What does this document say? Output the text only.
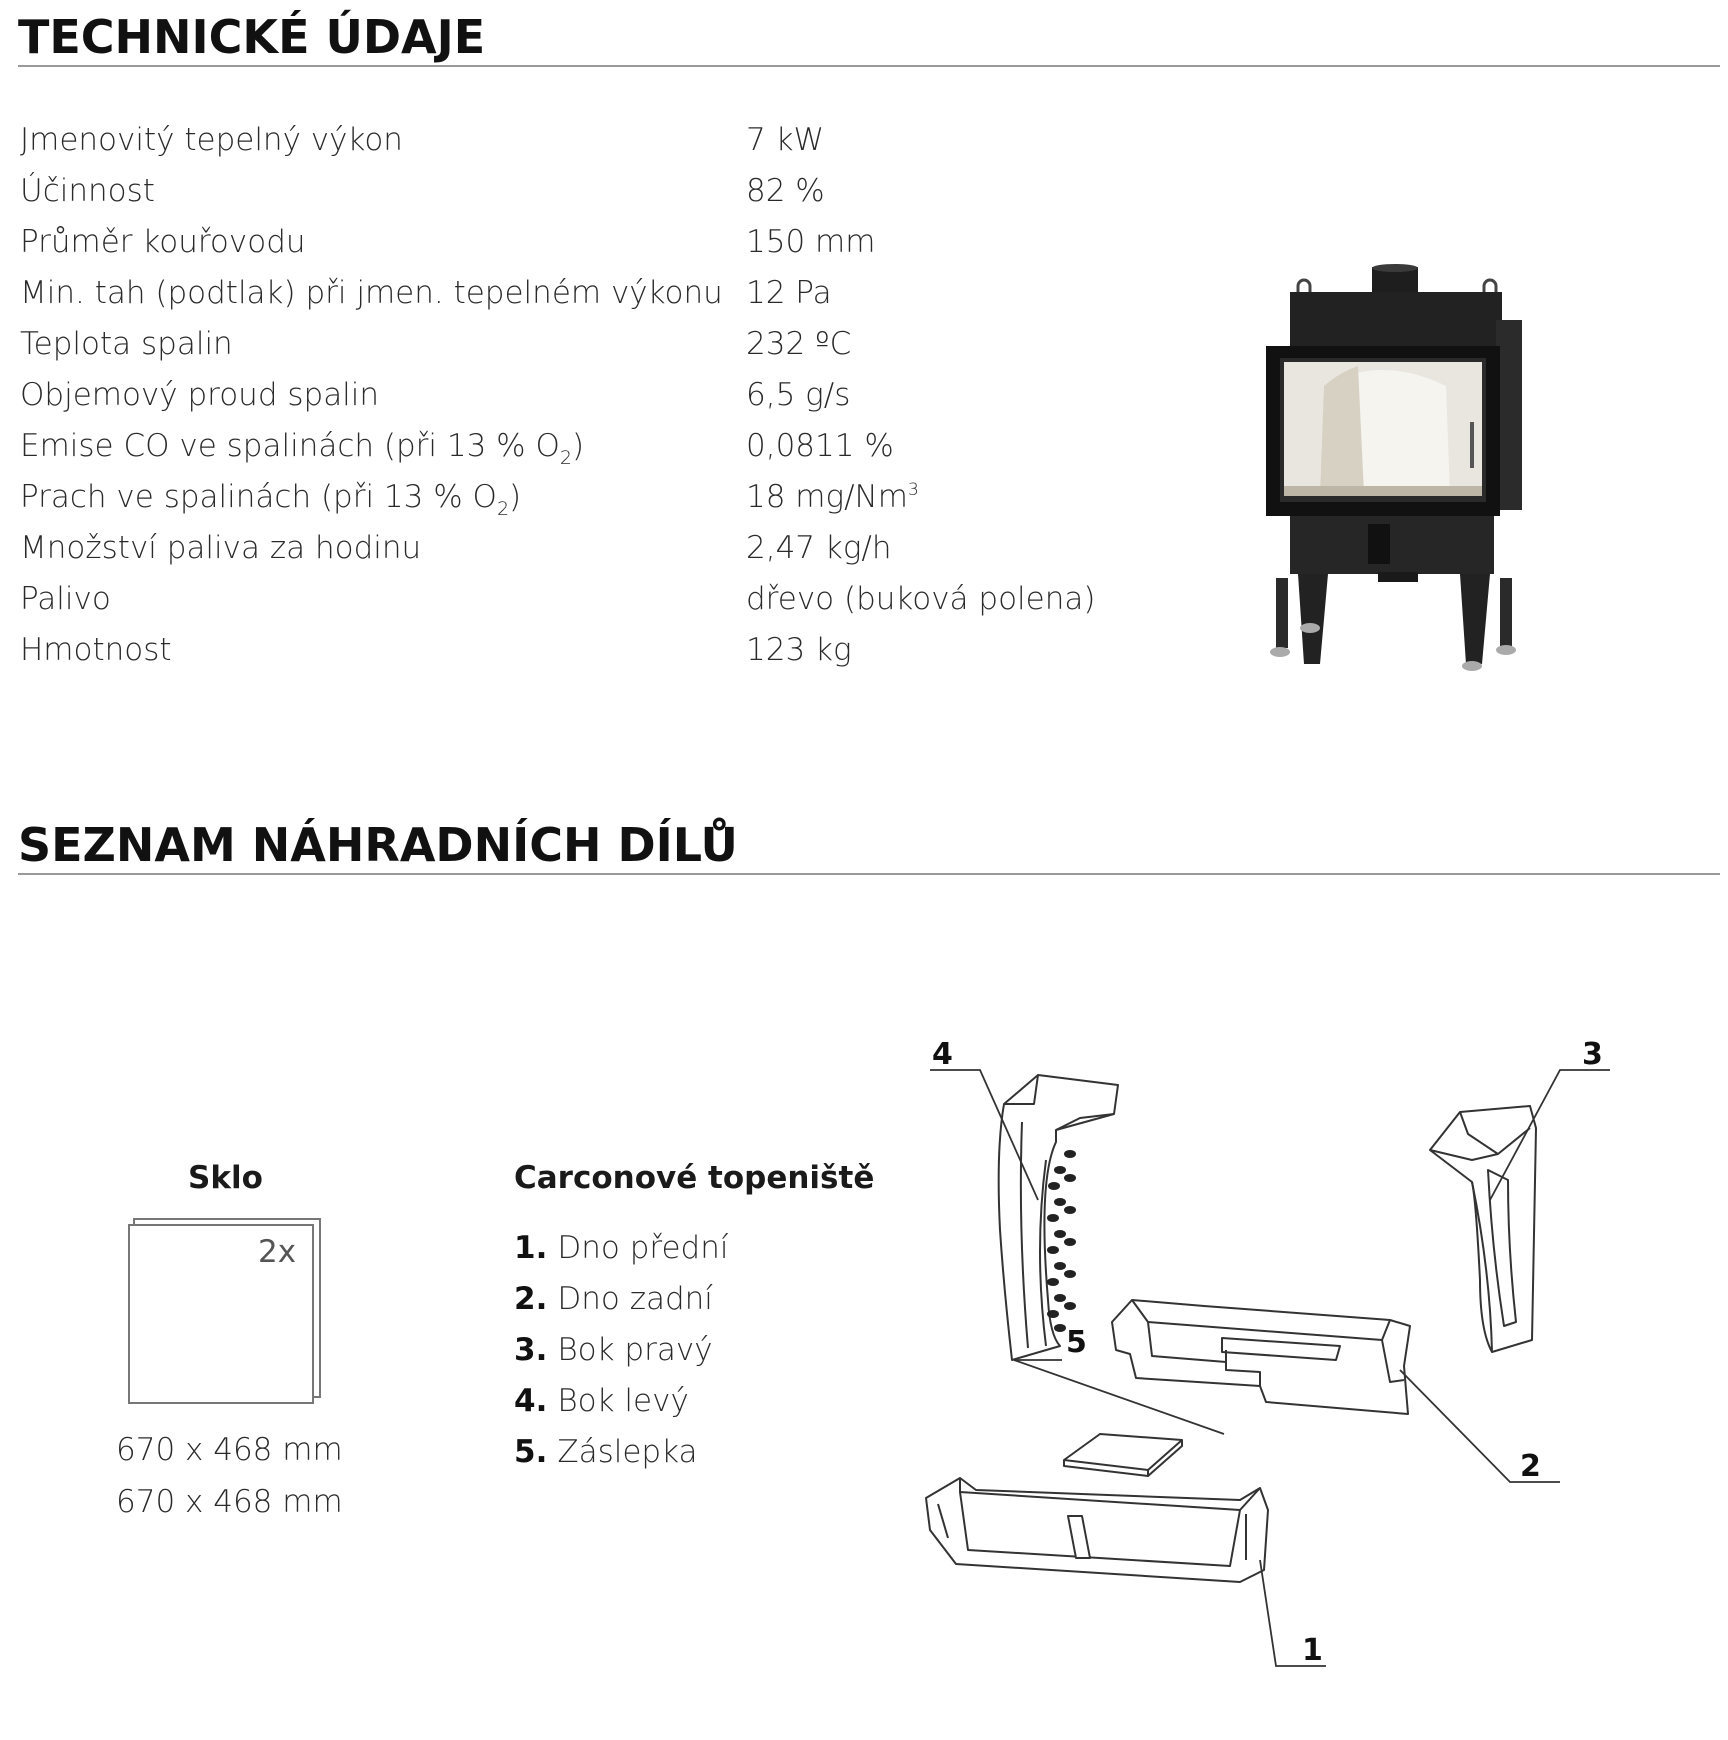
TECHNICKÉ ÚDAJE
Jmenovitý tepelný výkon	7 kW
Účinnost	82 %
Průměr kouřovodu	150 mm
Min. tah (podtlak) při jmen. tepelném výkonu 12 Pa
Teplota spalin	232 ºC
Objemový proud spalin	6,5 g/s
Emise CO ve spalinách (při 13 % $O_2$)	0,0811 %
Prach ve spalinách (při 13 % $O_2$)	18 mg/Nm$^3$
Množství paliva za hodinu	2,47 kg/h
Palivo	dřevo (buková polena)
Hmotnost	123 kg
SEZNAM NÁHRADNÍCH DÍLŮ
Sklo
2x
670 x 468 mm
670 x 468 mm
Carconové topeniště
1. Dno přední
2. Dno zadní
3. Bok pravý
4. Bok levý
5. Záslepka
4	3
2
5
1
